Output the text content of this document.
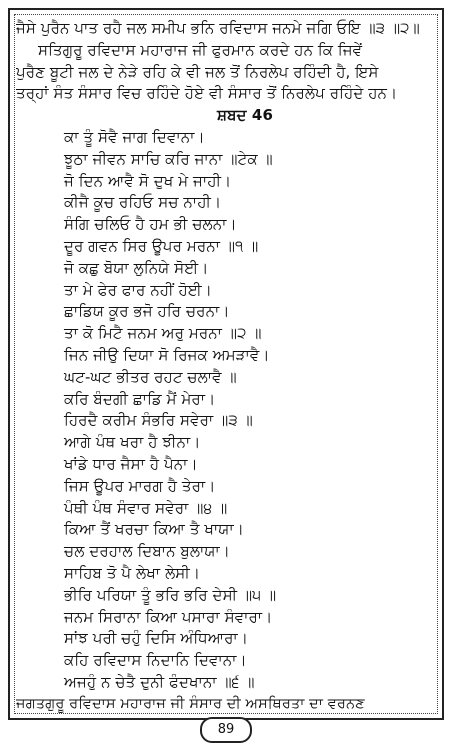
ਜੈਸੇ ਪੁਰੈਨ ਪਾਤ ਰਹੈ ਜਲ ਸਮੀਪ ਭਨਿ ਰਵਿਦਾਸ ਜਨਮੇ ਜਗਿ ਓਇ ॥੩ ॥੨॥
ਸਤਿਗੁਰੂ ਰਵਿਦਾਸ ਮਹਾਰਾਜ ਜੀ ਫੁਰਮਾਨ ਕਰਦੇ ਹਨ ਕਿ ਜਿਵੇਂ
ਪੁਰੈਣ ਬੂਟੀ ਜਲ ਦੇ ਨੇੜੇ ਰਹਿ ਕੇ ਵੀ ਜਲ ਤੋਂ ਨਿਰਲੇਪ ਰਹਿੰਦੀ ਹੈ, ਇਸੇ
ਤਰ੍ਹਾਂ ਸੰਤ ਸੰਸਾਰ ਵਿਚ ਰਹਿੰਦੇ ਹੋਏ ਵੀ ਸੰਸਾਰ ਤੋਂ ਨਿਰਲੇਪ ਰਹਿੰਦੇ ਹਨ।
ਸ਼ਬਦ 46
ਕਾ ਤੂੰ ਸੋਵੈ ਜਾਗ ਦਿਵਾਨਾ।
ਝੂਠਾ ਜੀਵਨ ਸਾਚਿ ਕਰਿ ਜਾਨਾ ॥ਟੇਕ ॥
ਜੋ ਦਿਨ ਆਵੈ ਸੋ ਦੁਖ ਮੇ ਜਾਹੀ।
ਕੀਜੈ ਕੂਚ ਰਹਿਓ ਸਚ ਨਾਹੀ।
ਸੰਗਿ ਚਲਿਓ ਹੈ ਹਮ ਭੀ ਚਲਨਾ।
ਦੂਰ ਗਵਨ ਸਿਰ ਊਪਰ ਮਰਨਾ ॥੧ ॥
ਜੋ ਕਛੁ ਬੋਯਾ ਲੁਨਿਯੇ ਸੋਈ।
ਤਾ ਮੇ ਫੇਰ ਫਾਰ ਨਹੀਂ ਹੋਈ।
ਛਾਡਿਯ ਕੂਰ ਭਜੋ ਹਰਿ ਚਰਨਾ।
ਤਾ ਕੋ ਮਿਟੈ ਜਨਮ ਅਰੁ ਮਰਨਾ ॥੨ ॥
ਜਿਨ ਜੀਉ ਦਿਯਾ ਸੋ ਰਿਜਕ ਅਮੜਾਵੈ।
ਘਟ-ਘਟ ਭੀਤਰ ਰਹਟ ਚਲਾਵੈ ॥
ਕਰਿ ਬੰਦਗੀ ਛਾਡਿ ਮੈਂ ਮੇਰਾ।
ਹਿਰਦੈ ਕਰੀਮ ਸੰਭਰਿ ਸਵੇਰਾ ॥੩ ॥
ਆਗੇ ਪੰਥ ਖਰਾ ਹੈ ਝੀਨਾ।
ਖਾਂਡੇ ਧਾਰ ਜੈਸਾ ਹੈ ਪੈਨਾ।
ਜਿਸ ਊਪਰ ਮਾਰਗ ਹੈ ਤੇਰਾ।
ਪੰਥੀ ਪੰਥ ਸੰਵਾਰ ਸਵੇਰਾ ॥੪ ॥
ਕਿਆ ਤੈਂ ਖਰਚਾ ਕਿਆ ਤੈ ਖਾਯਾ।
ਚਲ ਦਰਹਾਲ ਦਿਬਾਨ ਬੁਲਾਯਾ।
ਸਾਹਿਬ ਤੋ ਪੈ ਲੇਖਾ ਲੇਸੀ।
ਭੀਰਿ ਪਰਿਯਾ ਤੂੰ ਭਰਿ ਭਰਿ ਦੇਸੀ ॥੫ ॥
ਜਨਮ ਸਿਰਾਨਾ ਕਿਆ ਪਸਾਰਾ ਸੰਵਾਰਾ।
ਸਾਂਝ ਪਰੀ ਚਹੁੰ ਦਿਸਿ ਅੰਧਿਆਰਾ।
ਕਹਿ ਰਵਿਦਾਸ ਨਿਦਾਨਿ ਦਿਵਾਨਾ।
ਅਜਹੁੰ ਨ ਚੇਤੈ ਦੁਨੀ ਫੰਦਖਾਨਾ ॥੬ ॥
ਜਗਤਗੁਰੂ ਰਵਿਦਾਸ ਮਹਾਰਾਜ ਜੀ ਸੰਸਾਰ ਦੀ ਅਸਥਿਰਤਾ ਦਾ ਵਰਨਣ
89
